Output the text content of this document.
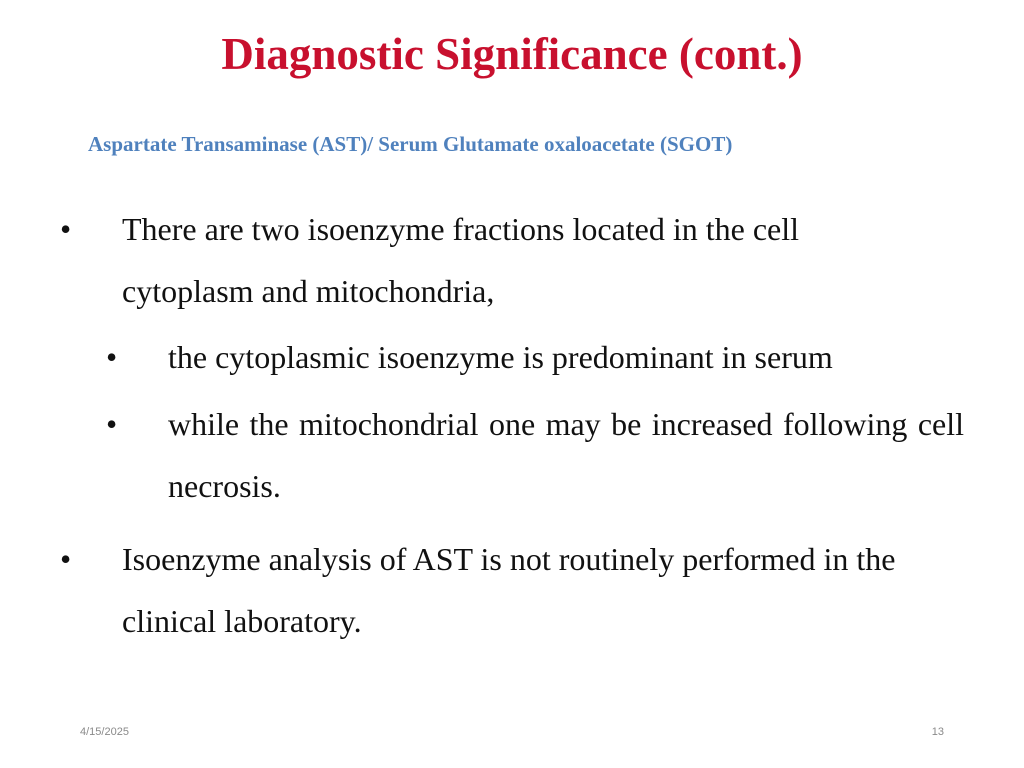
Diagnostic Significance (cont.)
Aspartate Transaminase (AST)/ Serum Glutamate oxaloacetate (SGOT)
• There are two isoenzyme fractions located in the cell cytoplasm and mitochondria,
• the cytoplasmic isoenzyme is predominant in serum
• while the mitochondrial one may be increased following cell necrosis.
• Isoenzyme analysis of AST is not routinely performed in the clinical laboratory.
4/15/2025	13
